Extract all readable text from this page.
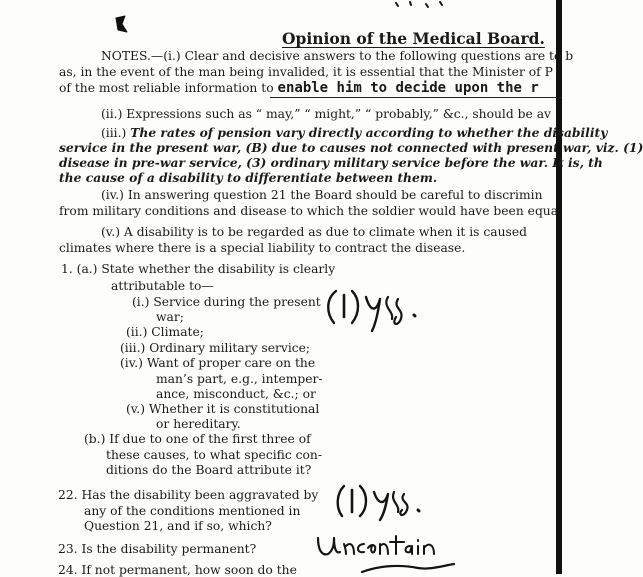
Opinion of the Medical Board.
NOTES.—(i.) Clear and decisive answers to the following questions are to b
as, in the event of the man being invalided, it is essential that the Minister of P
of the most reliable information to enable him to decide upon the r
(ii.) Expressions such as “ may,” “ might,” “ probably,” &c., should be av
(iii.) The rates of pension vary directly according to whether the disability
service in the present war, (B) due to causes not connected with present war, viz. (1)
disease in pre-war service, (3) ordinary military service before the war. It is, th
the cause of a disability to differentiate between them.
(iv.) In answering question 21 the Board should be careful to discrimin
from military conditions and disease to which the soldier would have been equal
(v.) A disability is to be regarded as due to climate when it is caused
climates where there is a special liability to contract the disease.
1. (a.) State whether the disability is clearly
attributable to—
(i.) Service during the present
war;
(ii.) Climate;
(iii.) Ordinary military service;
(iv.) Want of proper care on the
man’s part, e.g., intemper-
ance, misconduct, &c.; or
(v.) Whether it is constitutional
or hereditary.
(b.) If due to one of the first three of
these causes, to what specific con-
ditions do the Board attribute it?
22. Has the disability been aggravated by
any of the conditions mentioned in
Question 21, and if so, which?
23. Is the disability permanent?
24. If not permanent, how soon do the
